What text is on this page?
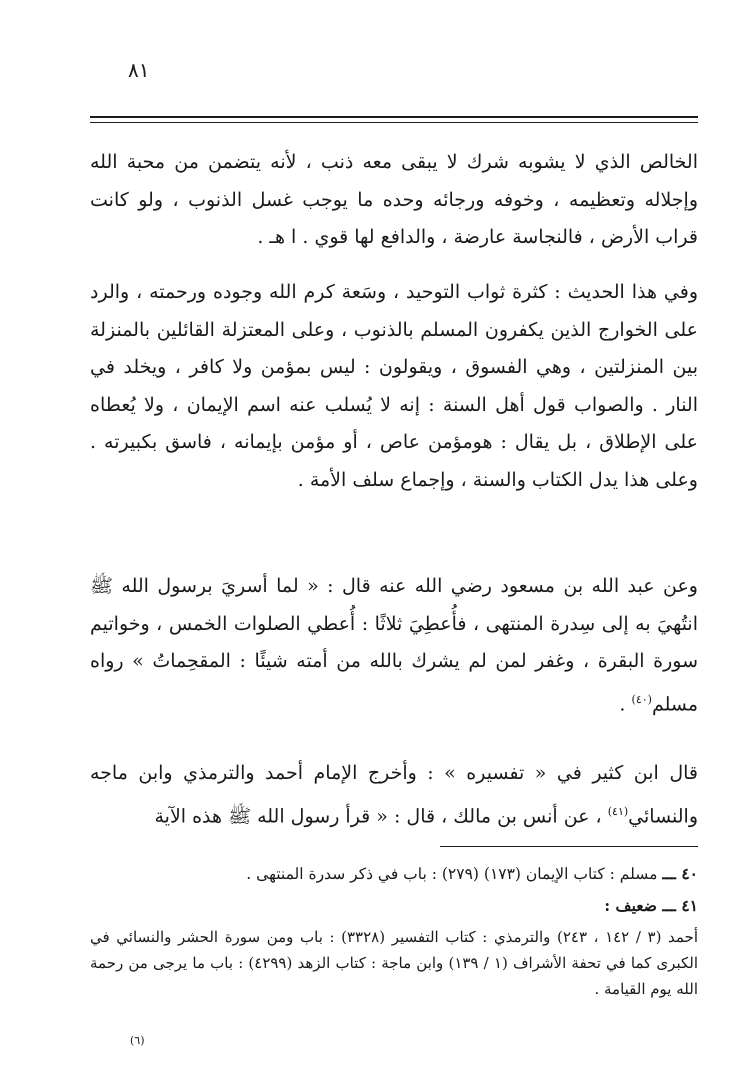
٨١

الخالص الذي لا يشوبه شرك لا يبقى معه ذنب ، لأنه يتضمن من محبة الله وإجلاله وتعظيمه ، وخوفه ورجائه وحده ما يوجب غسل الذنوب ، ولو كانت قراب الأرض ، فالنجاسة عارضة ، والدافع لها قوي . ا هـ .

وفي هذا الحديث : كثرة ثواب التوحيد ، وسَعة كرم الله وجوده ورحمته ، والرد على الخوارج الذين يكفرون المسلم بالذنوب ، وعلى المعتزلة القائلين بالمنزلة بين المنزلتين ، وهي الفسوق ، ويقولون : ليس بمؤمن ولا كافر ، ويخلد في النار . والصواب قول أهل السنة : إنه لا يُسلب عنه اسم الإيمان ، ولا يُعطاه على الإطلاق ، بل يقال : هومؤمن عاص ، أو مؤمن بإيمانه ، فاسق بكبيرته . وعلى هذا يدل الكتاب والسنة ، وإجماع سلف الأمة .

وعن عبد الله بن مسعود رضي الله عنه قال : « لما أسريَ برسول الله ﷺ انتُهيَ به إلى سِدرة المنتهى ، فأُعطِيَ ثلاثًا : أُعطي الصلوات الخمس ، وخواتيم سورة البقرة ، وغفر لمن لم يشرك بالله من أمته شيئًا : المقحِماتُ » رواه مسلم$^{(٤٠)}$ .

قال ابن كثير في « تفسيره » : وأخرج الإمام أحمد والترمذي وابن ماجه والنسائي$^{(٤١)}$ ، عن أنس بن مالك ، قال : « قرأ رسول الله ﷺ هذه الآية

٤٠ ـــ مسلم : كتاب الإيمان (١٧٣) (٢٧٩) : باب في ذكر سدرة المنتهى .
٤١ ـــ ضعيف :
أحمد (٣ / ١٤٢ ، ٢٤٣) والترمذي : كتاب التفسير (٣٣٢٨) : باب ومن سورة الحشر والنسائي في الكبرى كما في تحفة الأشراف (١ / ١٣٩) وابن ماجة : كتاب الزهد (٤٢٩٩) : باب ما يرجى من رحمة الله يوم القيامة .
(٦)
